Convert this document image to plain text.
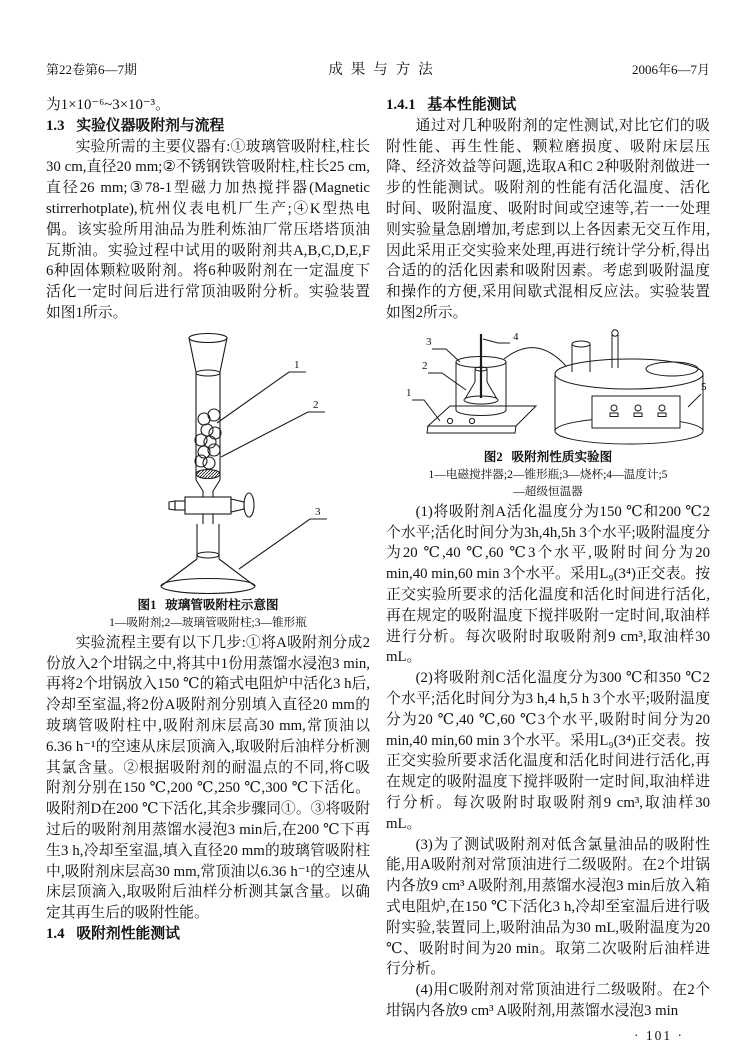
第22卷第6—7期	成果与方法	2006年6—7月

为1×10⁻⁶~3×10⁻³。

1.3 实验仪器吸附剂与流程

实验所需的主要仪器有:①玻璃管吸附柱,柱长30 cm,直径20 mm;②不锈钢铁管吸附柱,柱长25 cm,直径26 mm;③78-1型磁力加热搅拌器(Magnetic stirrerhotplate),杭州仪表电机厂生产;④K型热电偶。该实验所用油品为胜利炼油厂常压塔塔顶油瓦斯油。实验过程中试用的吸附剂共A,B,C,D,E,F 6种固体颗粒吸附剂。将6种吸附剂在一定温度下活化一定时间后进行常顶油吸附分析。实验装置如图1所示。

1
2
3
图1 玻璃管吸附柱示意图
1—吸附剂;2—玻璃管吸附柱;3—锥形瓶

实验流程主要有以下几步:①将A吸附剂分成2份放入2个坩锅之中,将其中1份用蒸馏水浸泡3 min,再将2个坩锅放入150 ℃的箱式电阻炉中活化3 h后,冷却至室温,将2份A吸附剂分别填入直径20 mm的玻璃管吸附柱中,吸附剂床层高30 mm,常顶油以6.36 h⁻¹的空速从床层顶滴入,取吸附后油样分析测其氯含量。②根据吸附剂的耐温点的不同,将C吸附剂分别在150 ℃,200 ℃,250 ℃,300 ℃下活化。吸附剂D在200 ℃下活化,其余步骤同①。③将吸附过后的吸附剂用蒸馏水浸泡3 min后,在200 ℃下再生3 h,冷却至室温,填入直径20 mm的玻璃管吸附柱中,吸附剂床层高30 mm,常顶油以6.36 h⁻¹的空速从床层顶滴入,取吸附后油样分析测其氯含量。以确定其再生后的吸附性能。

1.4 吸附剂性能测试
1.4.1 基本性能测试

通过对几种吸附剂的定性测试,对比它们的吸附性能、再生性能、颗粒磨损度、吸附床层压降、经济效益等问题,选取A和C 2种吸附剂做进一步的性能测试。吸附剂的性能有活化温度、活化时间、吸附温度、吸附时间或空速等,若一一处理则实验量急剧增加,考虑到以上各因素无交互作用,因此采用正交实验来处理,再进行统计学分析,得出合适的的活化因素和吸附因素。考虑到吸附温度和操作的方便,采用间歇式混相反应法。实验装置如图2所示。

3
2
1
4
5
图2 吸附剂性质实验图
1—电磁搅拌器;2—锥形瓶;3—烧杯;4—温度计;5—超级恒温器

(1)将吸附剂A活化温度分为150 ℃和200 ℃2个水平;活化时间分为3h,4h,5h 3个水平;吸附温度分为20 ℃,40 ℃,60 ℃3个水平,吸附时间分为20 min,40 min,60 min 3个水平。采用L₉(3⁴)正交表。按正交实验所要求的活化温度和活化时间进行活化,再在规定的吸附温度下搅拌吸附一定时间,取油样进行分析。每次吸附时取吸附剂9 cm³,取油样30 mL。

(2)将吸附剂C活化温度分为300 ℃和350 ℃2个水平;活化时间分为3 h,4 h,5 h 3个水平;吸附温度分为20 ℃,40 ℃,60 ℃3个水平,吸附时间分为20 min,40 min,60 min 3个水平。采用L₉(3⁴)正交表。按正交实验所要求活化温度和活化时间进行活化,再在规定的吸附温度下搅拌吸附一定时间,取油样进行分析。每次吸附时取吸附剂9 cm³,取油样30 mL。

(3)为了测试吸附剂对低含氯量油品的吸附性能,用A吸附剂对常顶油进行二级吸附。在2个坩锅内各放9 cm³ A吸附剂,用蒸馏水浸泡3 min后放入箱式电阻炉,在150 ℃下活化3 h,冷却至室温后进行吸附实验,装置同上,吸附油品为30 mL,吸附温度为20 ℃、吸附时间为20 min。取第二次吸附后油样进行分析。

(4)用C吸附剂对常顶油进行二级吸附。在2个坩锅内各放9 cm³ A吸附剂,用蒸馏水浸泡3 min

· 101 ·
